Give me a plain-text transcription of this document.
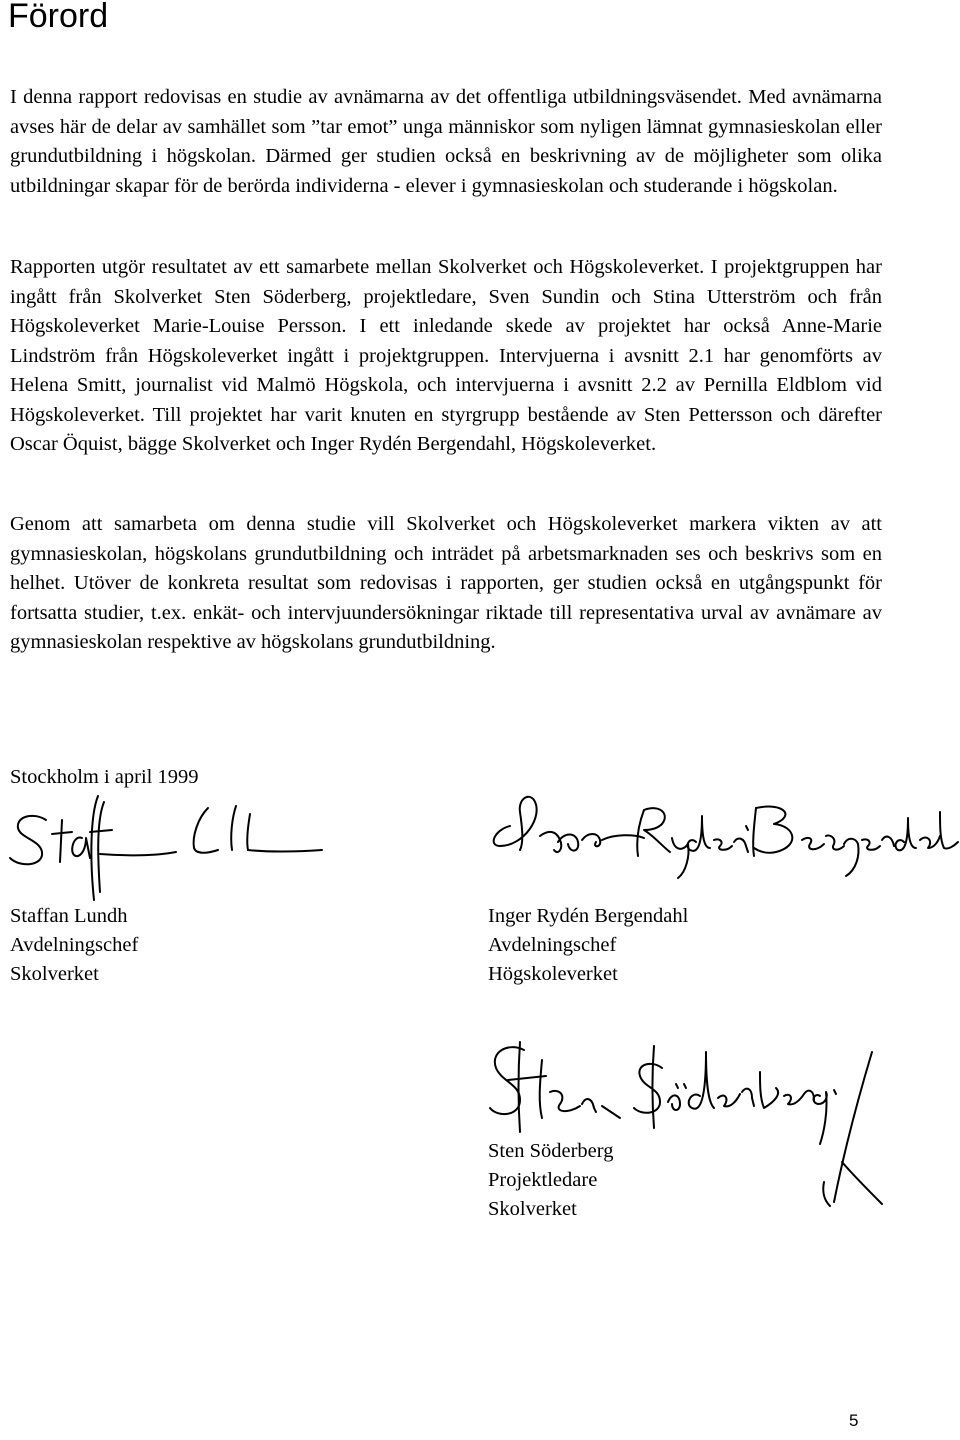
Förord

I denna rapport redovisas en studie av avnämarna av det offentliga utbildningsväsendet. Med avnämarna avses här de delar av samhället som ”tar emot” unga människor som nyligen lämnat gymnasieskolan eller grundutbildning i högskolan. Därmed ger studien också en beskrivning av de möjligheter som olika utbildningar skapar för de berörda individerna - elever i gymnasieskolan och studerande i högskolan.

Rapporten utgör resultatet av ett samarbete mellan Skolverket och Högskoleverket. I projektgruppen har ingått från Skolverket Sten Söderberg, projektledare, Sven Sundin och Stina Utterström och från Högskoleverket Marie-Louise Persson. I ett inledande skede av projektet har också Anne-Marie Lindström från Högskoleverket ingått i projektgruppen. Intervjuerna i avsnitt 2.1 har genomförts av Helena Smitt, journalist vid Malmö Högskola, och intervjuerna i avsnitt 2.2 av Pernilla Eldblom vid Högskoleverket. Till projektet har varit knuten en styrgrupp bestående av Sten Pettersson och därefter Oscar Öquist, bägge Skolverket och Inger Rydén Bergendahl, Högskoleverket.

Genom att samarbeta om denna studie vill Skolverket och Högskoleverket markera vikten av att gymnasieskolan, högskolans grundutbildning och inträdet på arbetsmarknaden ses och beskrivs som en helhet. Utöver de konkreta resultat som redovisas i rapporten, ger studien också en utgångspunkt för fortsatta studier, t.ex. enkät- och intervjuundersökningar riktade till representativa urval av avnämare av gymnasieskolan respektive av högskolans grundutbildning.

Stockholm i april 1999

Staffan Lundh
Avdelningschef
Skolverket
Inger Rydén Bergendahl
Avdelningschef
Högskoleverket
Sten Söderberg
Projektledare
Skolverket
5
